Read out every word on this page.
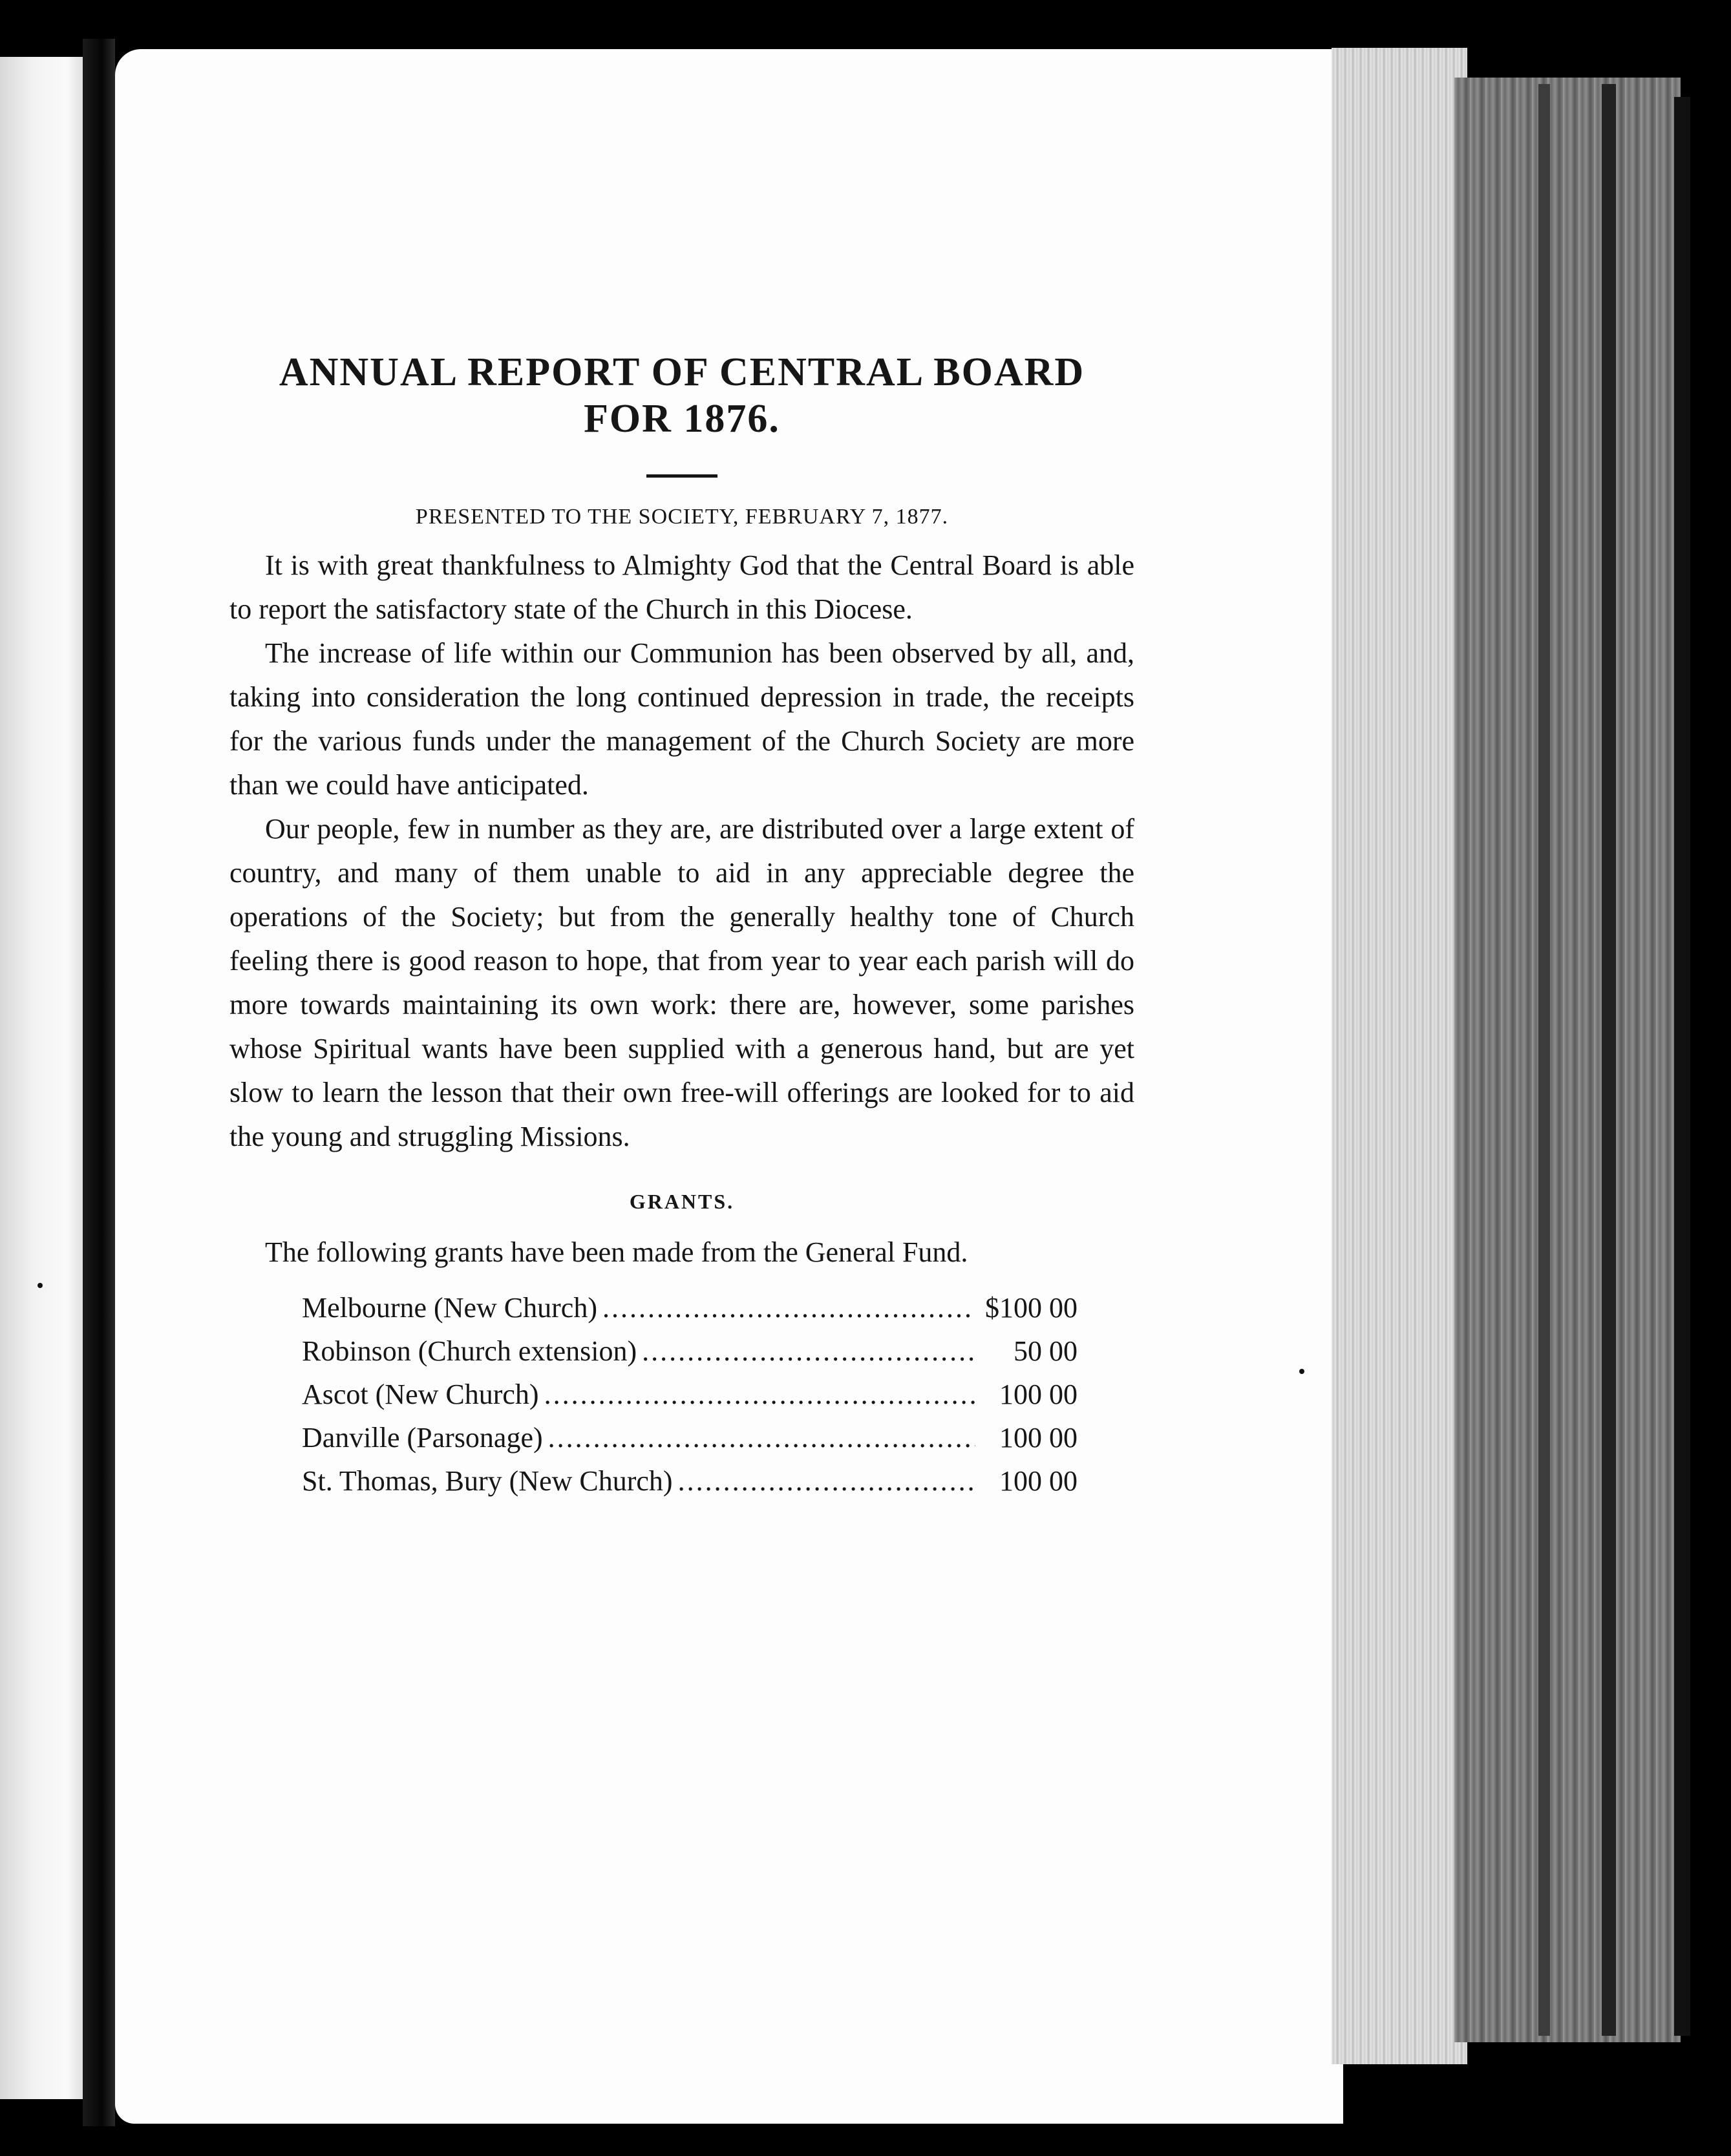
ANNUAL REPORT OF CENTRAL BOARD
FOR 1876.

PRESENTED TO THE SOCIETY, FEBRUARY 7, 1877.

It is with great thankfulness to Almighty God that the Central Board is able to report the satisfactory state of the Church in this Diocese.

The increase of life within our Communion has been observed by all, and, taking into consideration the long continued depression in trade, the receipts for the various funds under the management of the Church Society are more than we could have anticipated.

Our people, few in number as they are, are distributed over a large extent of country, and many of them unable to aid in any appreciable degree the operations of the Society; but from the generally healthy tone of Church feeling there is good reason to hope, that from year to year each parish will do more towards maintaining its own work: there are, however, some parishes whose Spiritual wants have been supplied with a generous hand, but are yet slow to learn the lesson that their own free-will offerings are looked for to aid the young and struggling Missions.

GRANTS.

The following grants have been made from the General Fund.

Melbourne (New Church) .....	$100 00
Robinson (Church extension) .....	50 00
Ascot (New Church) .....	100 00
Danville (Parsonage) .....	100 00
St. Thomas, Bury (New Church) .....	100 00
